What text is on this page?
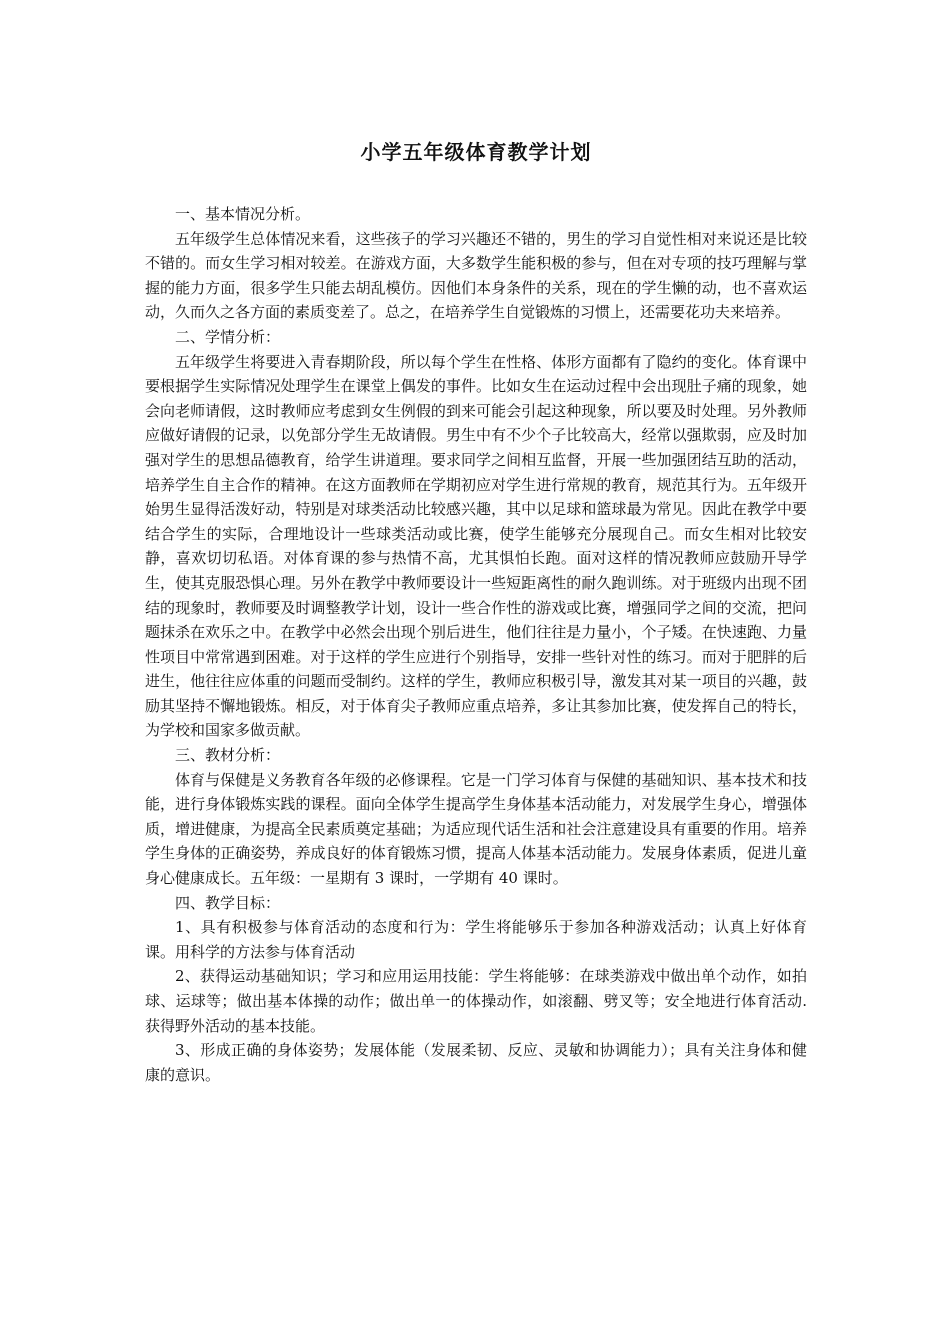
小学五年级体育教学计划

一、基本情况分析。

五年级学生总体情况来看，这些孩子的学习兴趣还不错的，男生的学习自觉性相对来说还是比较不错的。而女生学习相对较差。在游戏方面，大多数学生能积极的参与，但在对专项的技巧理解与掌握的能力方面，很多学生只能去胡乱模仿。因他们本身条件的关系，现在的学生懒的动，也不喜欢运动，久而久之各方面的素质变差了。总之，在培养学生自觉锻炼的习惯上，还需要花功夫来培养。

二、学情分析：

五年级学生将要进入青春期阶段，所以每个学生在性格、体形方面都有了隐约的变化。体育课中要根据学生实际情况处理学生在课堂上偶发的事件。比如女生在运动过程中会出现肚子痛的现象，她会向老师请假，这时教师应考虑到女生例假的到来可能会引起这种现象，所以要及时处理。另外教师应做好请假的记录，以免部分学生无故请假。男生中有不少个子比较高大，经常以强欺弱，应及时加强对学生的思想品德教育，给学生讲道理。要求同学之间相互监督，开展一些加强团结互助的活动，培养学生自主合作的精神。在这方面教师在学期初应对学生进行常规的教育，规范其行为。五年级开始男生显得活泼好动，特别是对球类活动比较感兴趣，其中以足球和篮球最为常见。因此在教学中要结合学生的实际，合理地设计一些球类活动或比赛，使学生能够充分展现自己。而女生相对比较安静，喜欢切切私语。对体育课的参与热情不高，尤其惧怕长跑。面对这样的情况教师应鼓励开导学生，使其克服恐惧心理。另外在教学中教师要设计一些短距离性的耐久跑训练。对于班级内出现不团结的现象时，教师要及时调整教学计划，设计一些合作性的游戏或比赛，增强同学之间的交流，把问题抹杀在欢乐之中。在教学中必然会出现个别后进生，他们往往是力量小，个子矮。在快速跑、力量性项目中常常遇到困难。对于这样的学生应进行个别指导，安排一些针对性的练习。而对于肥胖的后进生，他往往应体重的问题而受制约。这样的学生，教师应积极引导，激发其对某一项目的兴趣，鼓励其坚持不懈地锻炼。相反，对于体育尖子教师应重点培养，多让其参加比赛，使发挥自己的特长，为学校和国家多做贡献。

三、教材分析：

体育与保健是义务教育各年级的必修课程。它是一门学习体育与保健的基础知识、基本技术和技能，进行身体锻炼实践的课程。面向全体学生提高学生身体基本活动能力，对发展学生身心，增强体质，增进健康，为提高全民素质奠定基础；为适应现代话生活和社会注意建设具有重要的作用。培养学生身体的正确姿势，养成良好的体育锻炼习惯，提高人体基本活动能力。发展身体素质，促进儿童身心健康成长。五年级：一星期有 3 课时，一学期有 40 课时。

四、教学目标：

1、具有积极参与体育活动的态度和行为：学生将能够乐于参加各种游戏活动；认真上好体育课。用科学的方法参与体育活动

2、获得运动基础知识；学习和应用运用技能：学生将能够：在球类游戏中做出单个动作，如拍球、运球等；做出基本体操的动作；做出单一的体操动作，如滚翻、劈叉等；安全地进行体育活动.获得野外活动的基本技能。

3、形成正确的身体姿势；发展体能（发展柔韧、反应、灵敏和协调能力）；具有关注身体和健康的意识。
